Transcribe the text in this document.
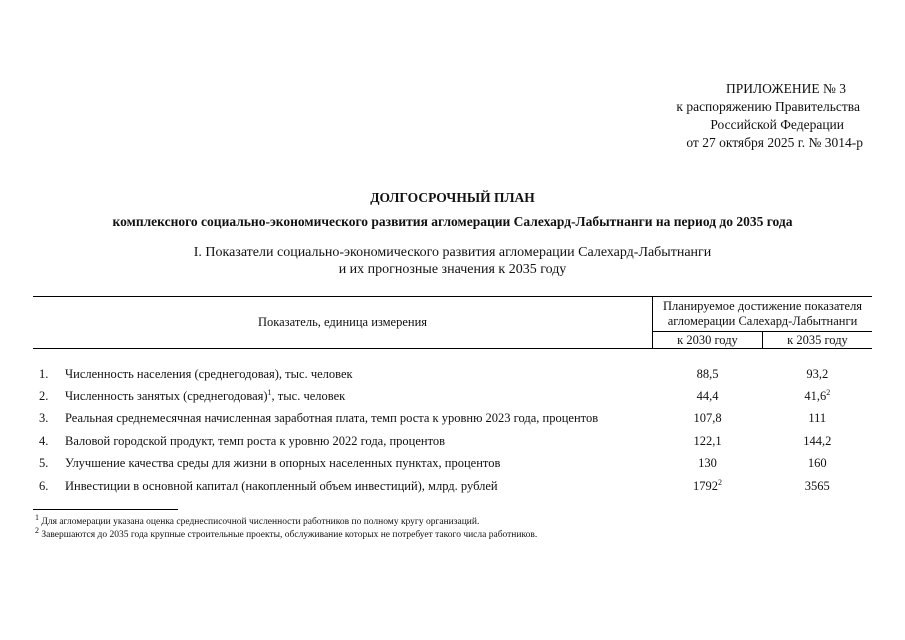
ПРИЛОЖЕНИЕ № 3
к распоряжению Правительства
Российской Федерации
от 27 октября 2025 г. № 3014-р
ДОЛГОСРОЧНЫЙ ПЛАН
комплексного социально-экономического развития агломерации Салехард-Лабытнанги на период до 2035 года
I. Показатели социально-экономического развития агломерации Салехард-Лабытнанги
и их прогнозные значения к 2035 году
Показатель, единица измерения		Планируемое достижение показателя
агломерации Салехард-Лабытнанги	

		к 2030 году	к 2035 году

1.	Численность населения (среднегодовая), тыс. человек	88,5	93,2
2.	Численность занятых (среднегодовая)$^1$, тыс. человек	44,4	41,6$^2$
3.	Реальная среднемесячная начисленная заработная плата, темп роста к уровню 2023 года, процентов	107,8	111
4.	Валовой городской продукт, темп роста к уровню 2022 года, процентов	122,1	144,2
5.	Улучшение качества среды для жизни в опорных населенных пунктах, процентов	130	160
6.	Инвестиции в основной капитал (накопленный объем инвестиций), млрд. рублей	1792$^2$	3565
$^1$ Для агломерации указана оценка среднесписочной численности работников по полному кругу организаций.
$^2$ Завершаются до 2035 года крупные строительные проекты, обслуживание которых не потребует такого числа работников.
